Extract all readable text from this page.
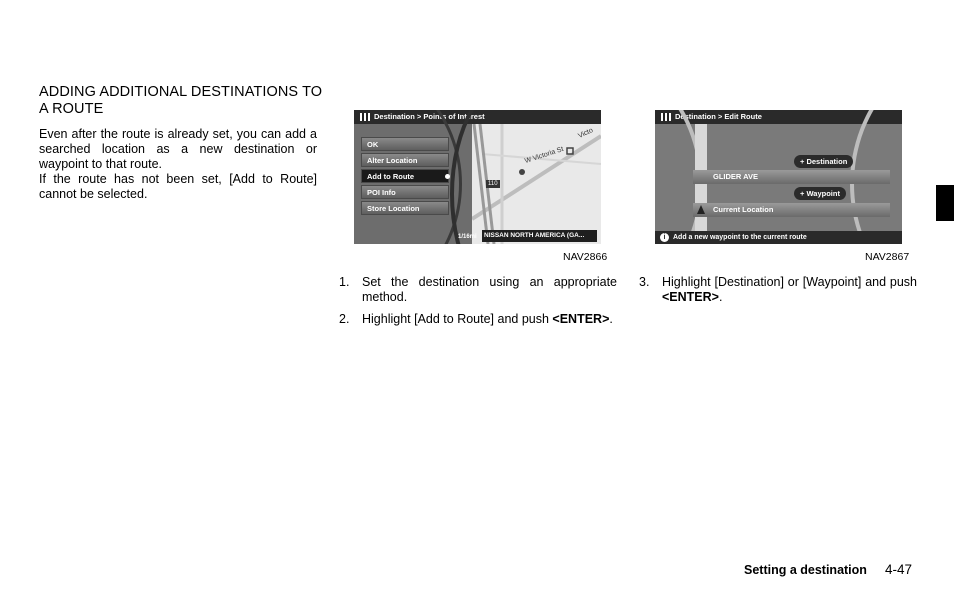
ADDING ADDITIONAL DESTINATIONS TO A ROUTE

Even after the route is already set, you can add a searched location as a new destination or waypoint to that route.

If the route has not been set, [Add to Route] cannot be selected.

Destination > Points of Interest
OK
Alter Location
Add to Route
POI Info
Store Location
W Victoria St
Victo
110
1/16mi	NISSAN NORTH AMERICA (GA...
NAV2866
Destination > Edit Route
GLIDER AVE
Current Location
+ Destination
+ Waypoint
i	Add a new waypoint to the current route
NAV2867
1. Set the destination using an appropriate method.
2. Highlight [Add to Route] and push <ENTER>.
3. Highlight [Destination] or [Waypoint] and push <ENTER>.
Setting a destination 4-47
